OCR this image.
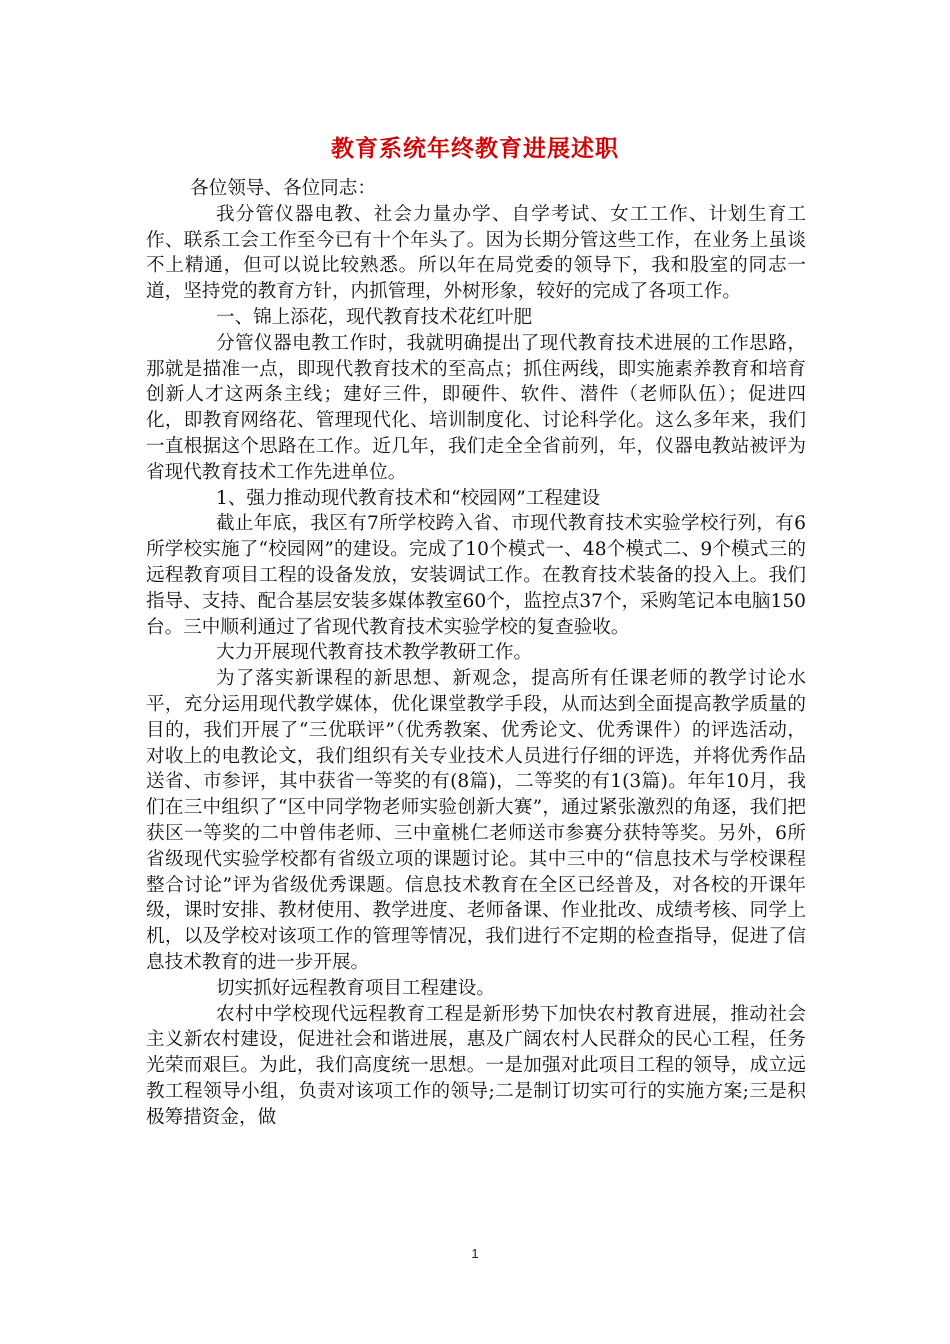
教育系统年终教育进展述职

各位领导、各位同志：

我分管仪器电教、社会力量办学、自学考试、女工工作、计划生育工作、联系工会工作至今已有十个年头了。因为长期分管这些工作，在业务上虽谈不上精通，但可以说比较熟悉。所以年在局党委的领导下，我和股室的同志一道，坚持党的教育方针，内抓管理，外树形象，较好的完成了各项工作。

一、锦上添花，现代教育技术花红叶肥

分管仪器电教工作时，我就明确提出了现代教育技术进展的工作思路，那就是描准一点，即现代教育技术的至高点；抓住两线，即实施素养教育和培育创新人才这两条主线；建好三件，即硬件、软件、潜件（老师队伍）；促进四化，即教育网络花、管理现代化、培训制度化、讨论科学化。这么多年来，我们一直根据这个思路在工作。近几年，我们走全全省前列，年，仪器电教站被评为省现代教育技术工作先进单位。

1、强力推动现代教育技术和“校园网”工程建设

截止年底，我区有7所学校跨入省、市现代教育技术实验学校行列，有6所学校实施了“校园网”的建设。完成了10个模式一、48个模式二、9个模式三的远程教育项目工程的设备发放，安装调试工作。在教育技术装备的投入上。我们指导、支持、配合基层安装多媒体教室60个，监控点37个，采购笔记本电脑150台。三中顺利通过了省现代教育技术实验学校的复查验收。

大力开展现代教育技术教学教研工作。

为了落实新课程的新思想、新观念，提高所有任课老师的教学讨论水平，充分运用现代教学媒体，优化课堂教学手段，从而达到全面提高教学质量的目的，我们开展了“三优联评”（优秀教案、优秀论文、优秀课件）的评选活动，对收上的电教论文，我们组织有关专业技术人员进行仔细的评选，并将优秀作品送省、市参评，其中获省一等奖的有(8篇)，二等奖的有1(3篇)。年年10月，我们在三中组织了“区中同学物老师实验创新大赛”，通过紧张激烈的角逐，我们把获区一等奖的二中曾伟老师、三中童桃仁老师送市参赛分获特等奖。另外，6所省级现代实验学校都有省级立项的课题讨论。其中三中的“信息技术与学校课程整合讨论”评为省级优秀课题。信息技术教育在全区已经普及，对各校的开课年级，课时安排、教材使用、教学进度、老师备课、作业批改、成绩考核、同学上机，以及学校对该项工作的管理等情况，我们进行不定期的检查指导，促进了信息技术教育的进一步开展。

切实抓好远程教育项目工程建设。

农村中学校现代远程教育工程是新形势下加快农村教育进展，推动社会主义新农村建设，促进社会和谐进展，惠及广阔农村人民群众的民心工程，任务光荣而艰巨。为此，我们高度统一思想。一是加强对此项目工程的领导，成立远教工程领导小组，负责对该项工作的领导;二是制订切实可行的实施方案;三是积极筹措资金，做

1
